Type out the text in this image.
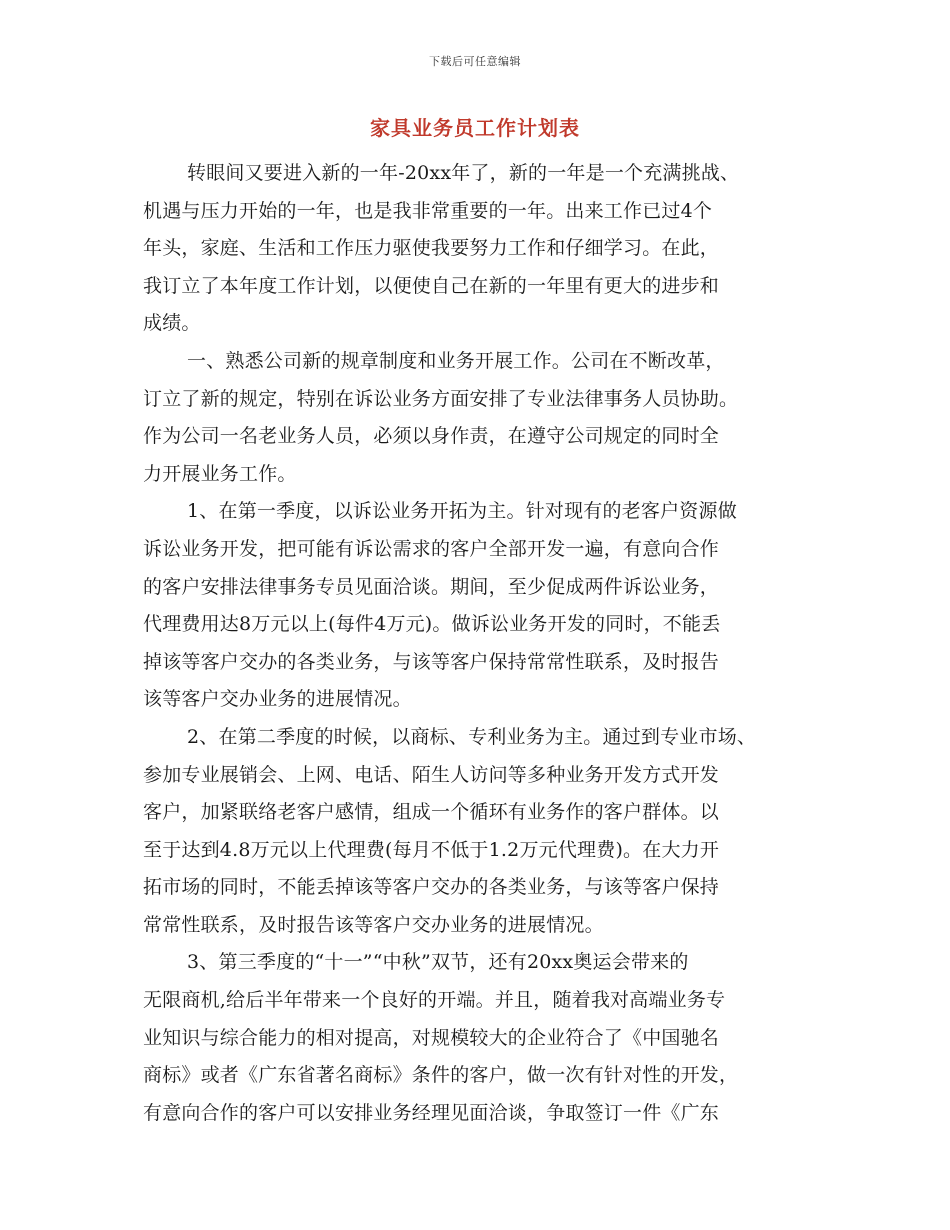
下载后可任意编辑
家具业务员工作计划表
转眼间又要进入新的一年-20xx年了，新的一年是一个充满挑战、
机遇与压力开始的一年，也是我非常重要的一年。出来工作已过4个
年头，家庭、生活和工作压力驱使我要努力工作和仔细学习。在此，
我订立了本年度工作计划，以便使自己在新的一年里有更大的进步和
成绩。
一、熟悉公司新的规章制度和业务开展工作。公司在不断改革，
订立了新的规定，特别在诉讼业务方面安排了专业法律事务人员协助。
作为公司一名老业务人员，必须以身作责，在遵守公司规定的同时全
力开展业务工作。
1、在第一季度，以诉讼业务开拓为主。针对现有的老客户资源做
诉讼业务开发，把可能有诉讼需求的客户全部开发一遍，有意向合作
的客户安排法律事务专员见面洽谈。期间，至少促成两件诉讼业务，
代理费用达8万元以上(每件4万元)。做诉讼业务开发的同时，不能丢
掉该等客户交办的各类业务，与该等客户保持常常性联系，及时报告
该等客户交办业务的进展情况。
2、在第二季度的时候，以商标、专利业务为主。通过到专业市场、
参加专业展销会、上网、电话、陌生人访问等多种业务开发方式开发
客户，加紧联络老客户感情，组成一个循环有业务作的客户群体。以
至于达到4.8万元以上代理费(每月不低于1.2万元代理费)。在大力开
拓市场的同时，不能丢掉该等客户交办的各类业务，与该等客户保持
常常性联系，及时报告该等客户交办业务的进展情况。
3、第三季度的“十一”“中秋”双节，还有20xx奥运会带来的
无限商机,给后半年带来一个良好的开端。并且，随着我对高端业务专
业知识与综合能力的相对提高，对规模较大的企业符合了《中国驰名
商标》或者《广东省著名商标》条件的客户，做一次有针对性的开发，
有意向合作的客户可以安排业务经理见面洽谈，争取签订一件《广东
